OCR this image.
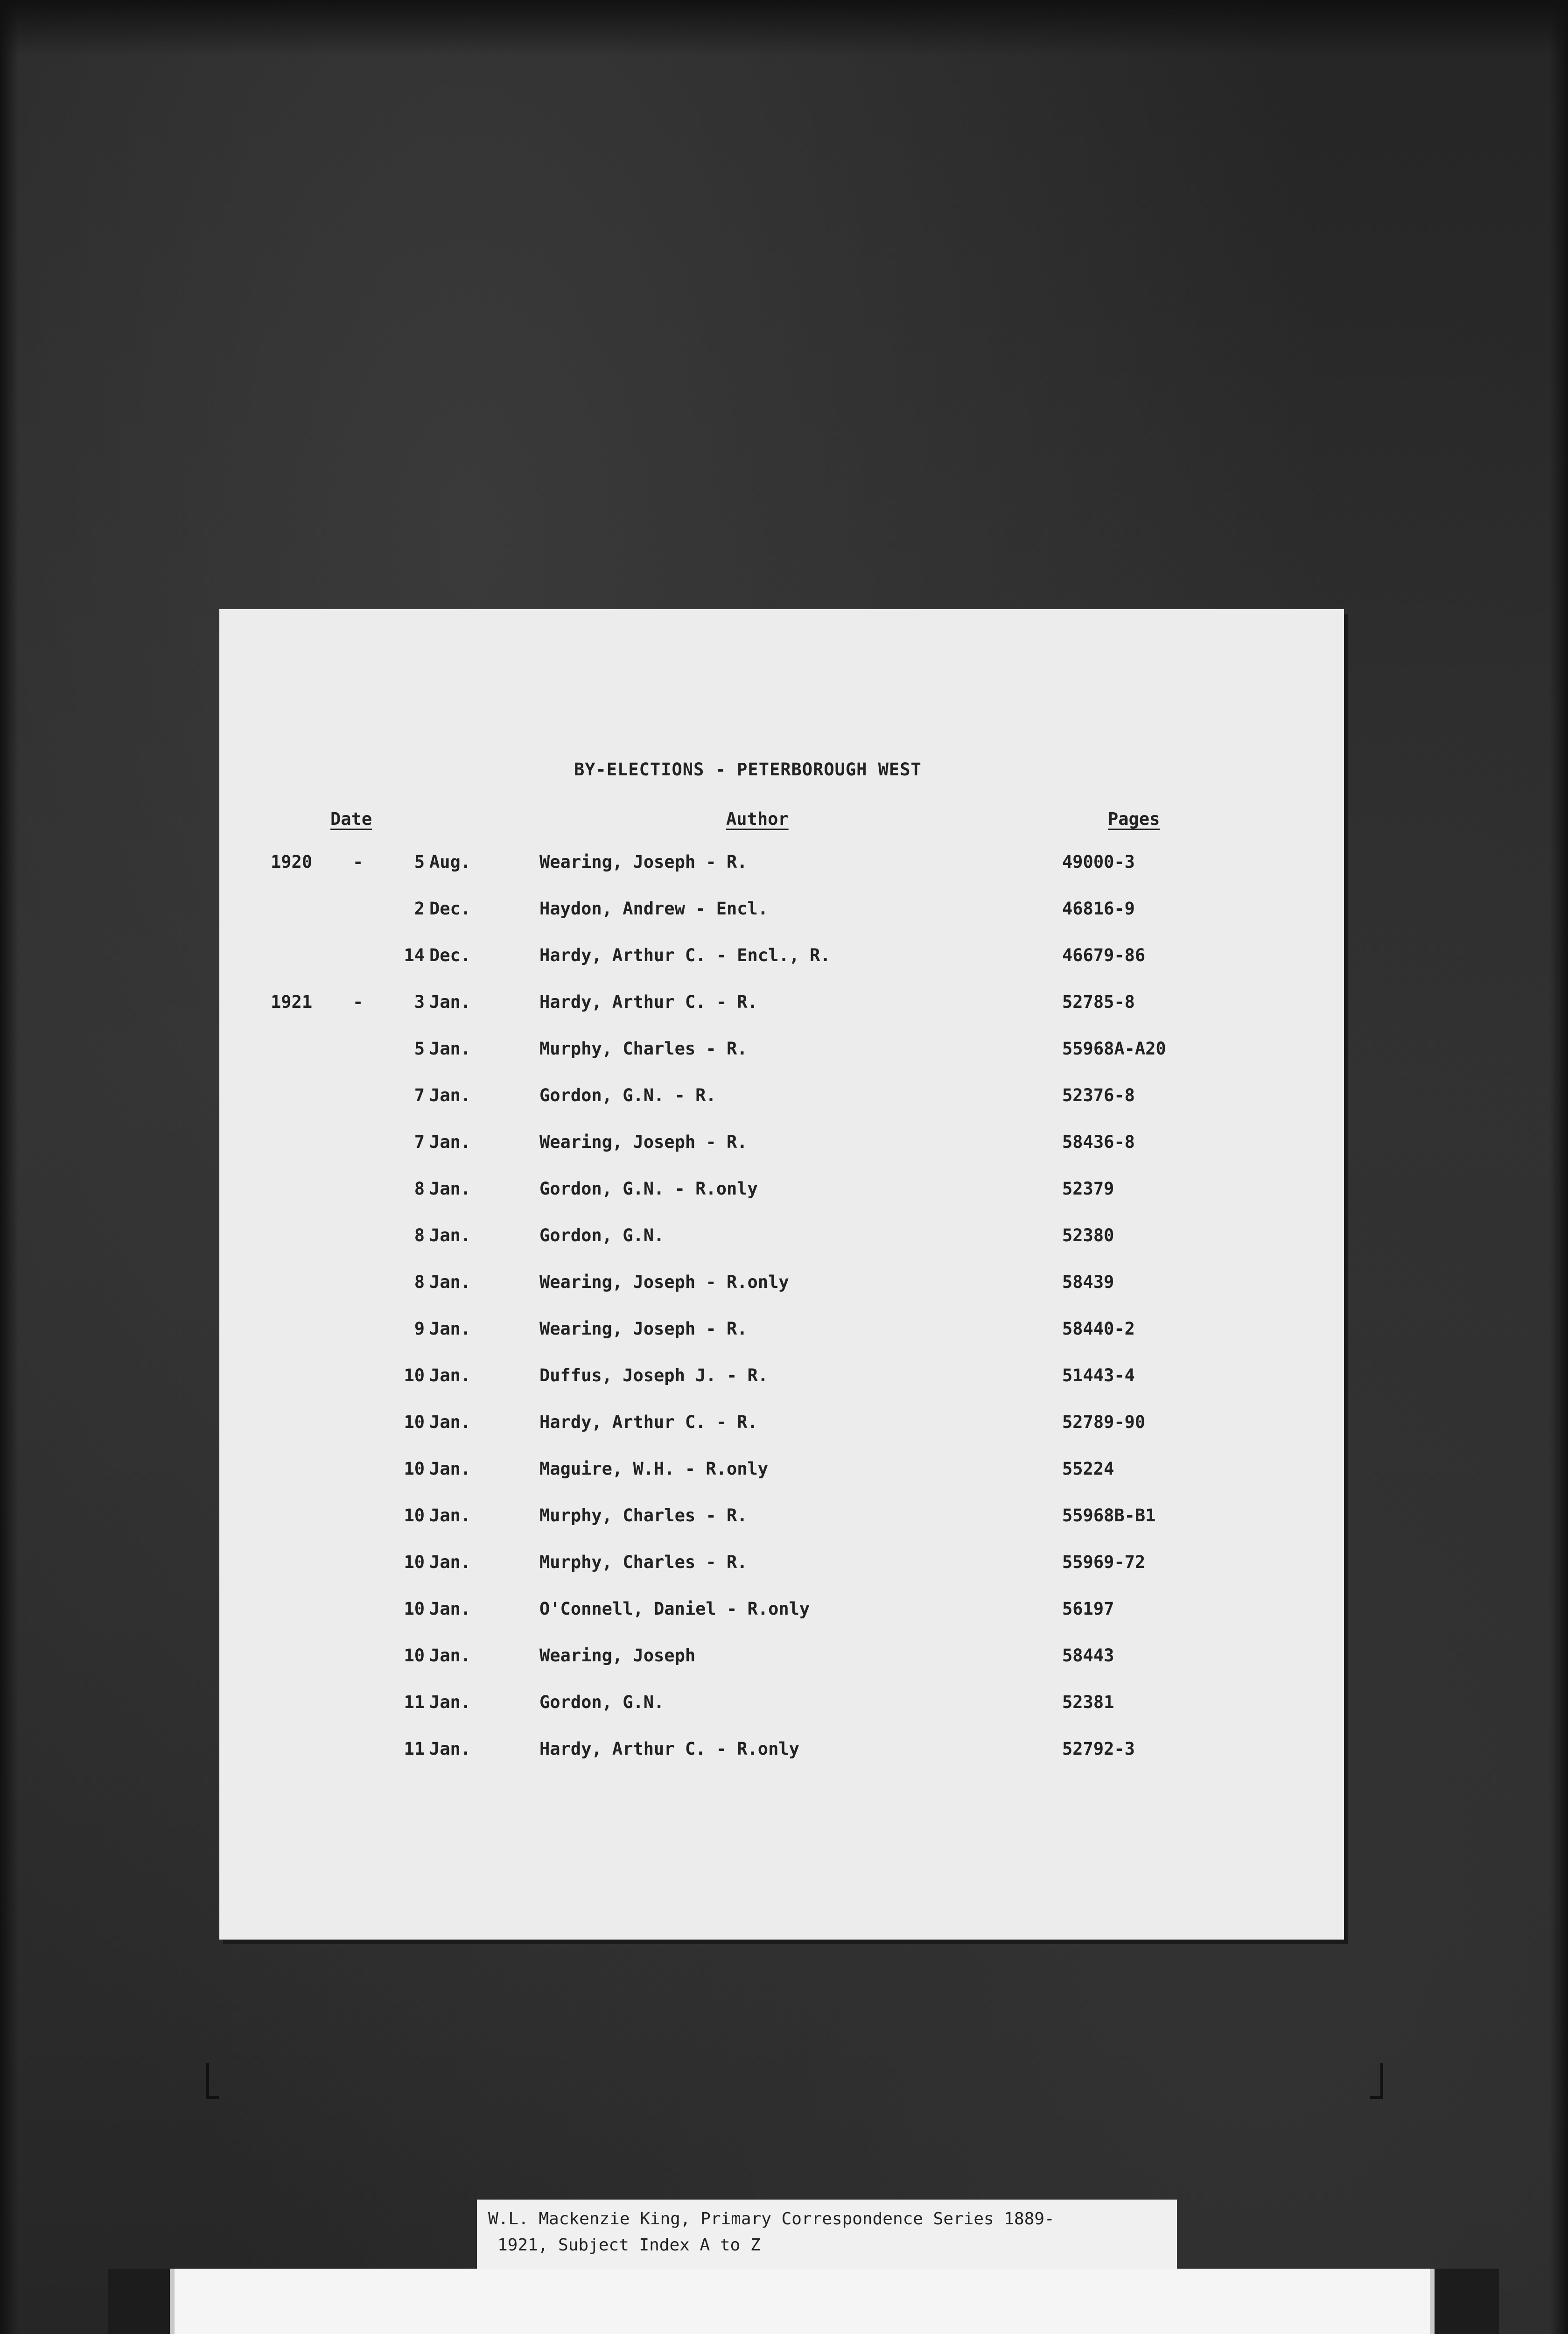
BY-ELECTIONS - PETERBOROUGH WEST
Date	Author	Pages
1920 -	5 Aug.	Wearing, Joseph - R.	49000-3
2 Dec.	Haydon, Andrew - Encl.	46816-9
14 Dec.	Hardy, Arthur C. - Encl., R.	46679-86
1921 -	3 Jan.	Hardy, Arthur C. - R.	52785-8
5 Jan.	Murphy, Charles - R.	55968A-A20
7 Jan.	Gordon, G.N. - R.	52376-8
7 Jan.	Wearing, Joseph - R.	58436-8
8 Jan.	Gordon, G.N. - R.only	52379
8 Jan.	Gordon, G.N.	52380
8 Jan.	Wearing, Joseph - R.only	58439
9 Jan.	Wearing, Joseph - R.	58440-2
10 Jan.	Duffus, Joseph J. - R.	51443-4
10 Jan.	Hardy, Arthur C. - R.	52789-90
10 Jan.	Maguire, W.H. - R.only	55224
10 Jan.	Murphy, Charles - R.	55968B-B1
10 Jan.	Murphy, Charles - R.	55969-72
10 Jan.	O'Connell, Daniel - R.only	56197
10 Jan.	Wearing, Joseph	58443
11 Jan.	Gordon, G.N.	52381
11 Jan.	Hardy, Arthur C. - R.only	52792-3
W.L. Mackenzie King, Primary Correspondence Series 1889-
1921, Subject Index A to Z
